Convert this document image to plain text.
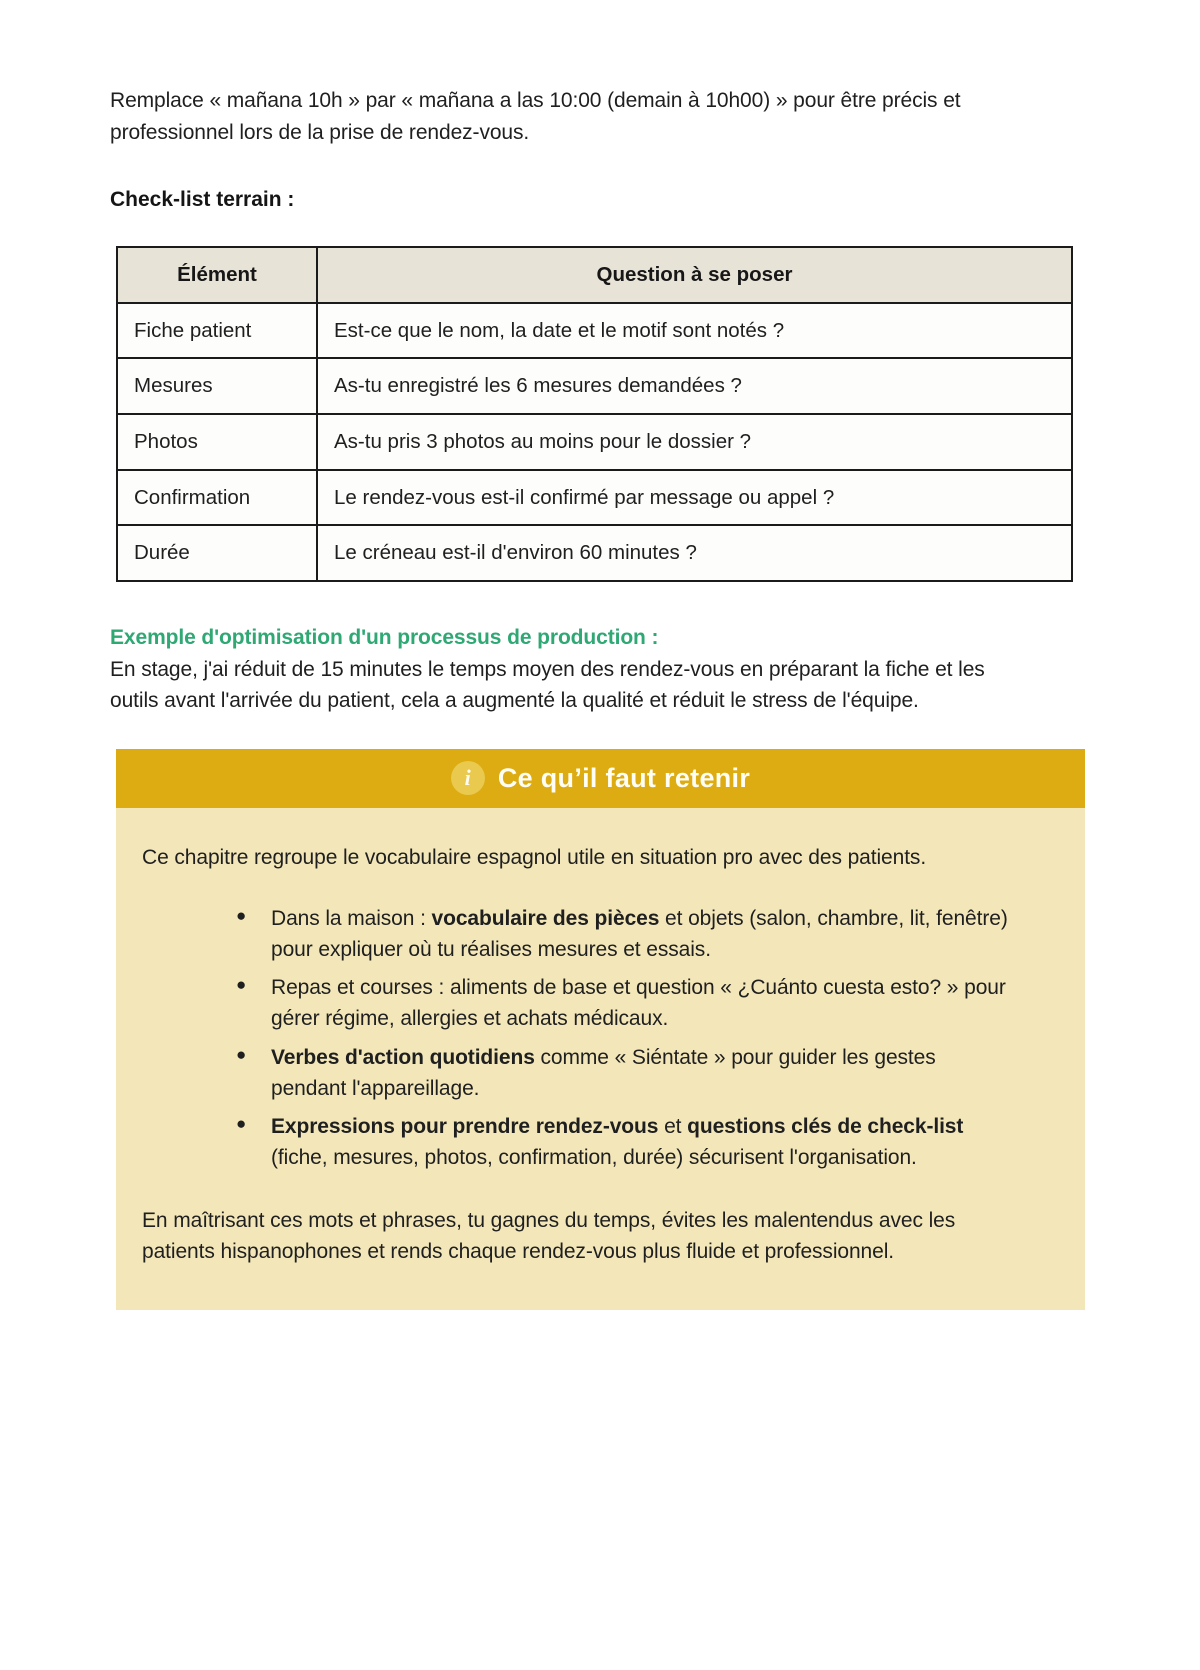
Remplace « mañana 10h » par « mañana a las 10:00 (demain à 10h00) » pour être précis et professionnel lors de la prise de rendez-vous.

Check-list terrain :

Élément	Question à se poser
Fiche patient	Est-ce que le nom, la date et le motif sont notés ?
Mesures	As-tu enregistré les 6 mesures demandées ?
Photos	As-tu pris 3 photos au moins pour le dossier ?
Confirmation	Le rendez-vous est-il confirmé par message ou appel ?
Durée	Le créneau est-il d'environ 60 minutes ?

Exemple d'optimisation d'un processus de production :

En stage, j'ai réduit de 15 minutes le temps moyen des rendez-vous en préparant la fiche et les outils avant l'arrivée du patient, cela a augmenté la qualité et réduit le stress de l'équipe.

i Ce qu’il faut retenir

Ce chapitre regroupe le vocabulaire espagnol utile en situation pro avec des patients.

● Dans la maison : vocabulaire des pièces et objets (salon, chambre, lit, fenêtre) pour expliquer où tu réalises mesures et essais.
● Repas et courses : aliments de base et question « ¿Cuánto cuesta esto? » pour gérer régime, allergies et achats médicaux.
● Verbes d'action quotidiens comme « Siéntate » pour guider les gestes pendant l'appareillage.
● Expressions pour prendre rendez-vous et questions clés de check-list (fiche, mesures, photos, confirmation, durée) sécurisent l'organisation.

En maîtrisant ces mots et phrases, tu gagnes du temps, évites les malentendus avec les patients hispanophones et rends chaque rendez-vous plus fluide et professionnel.
